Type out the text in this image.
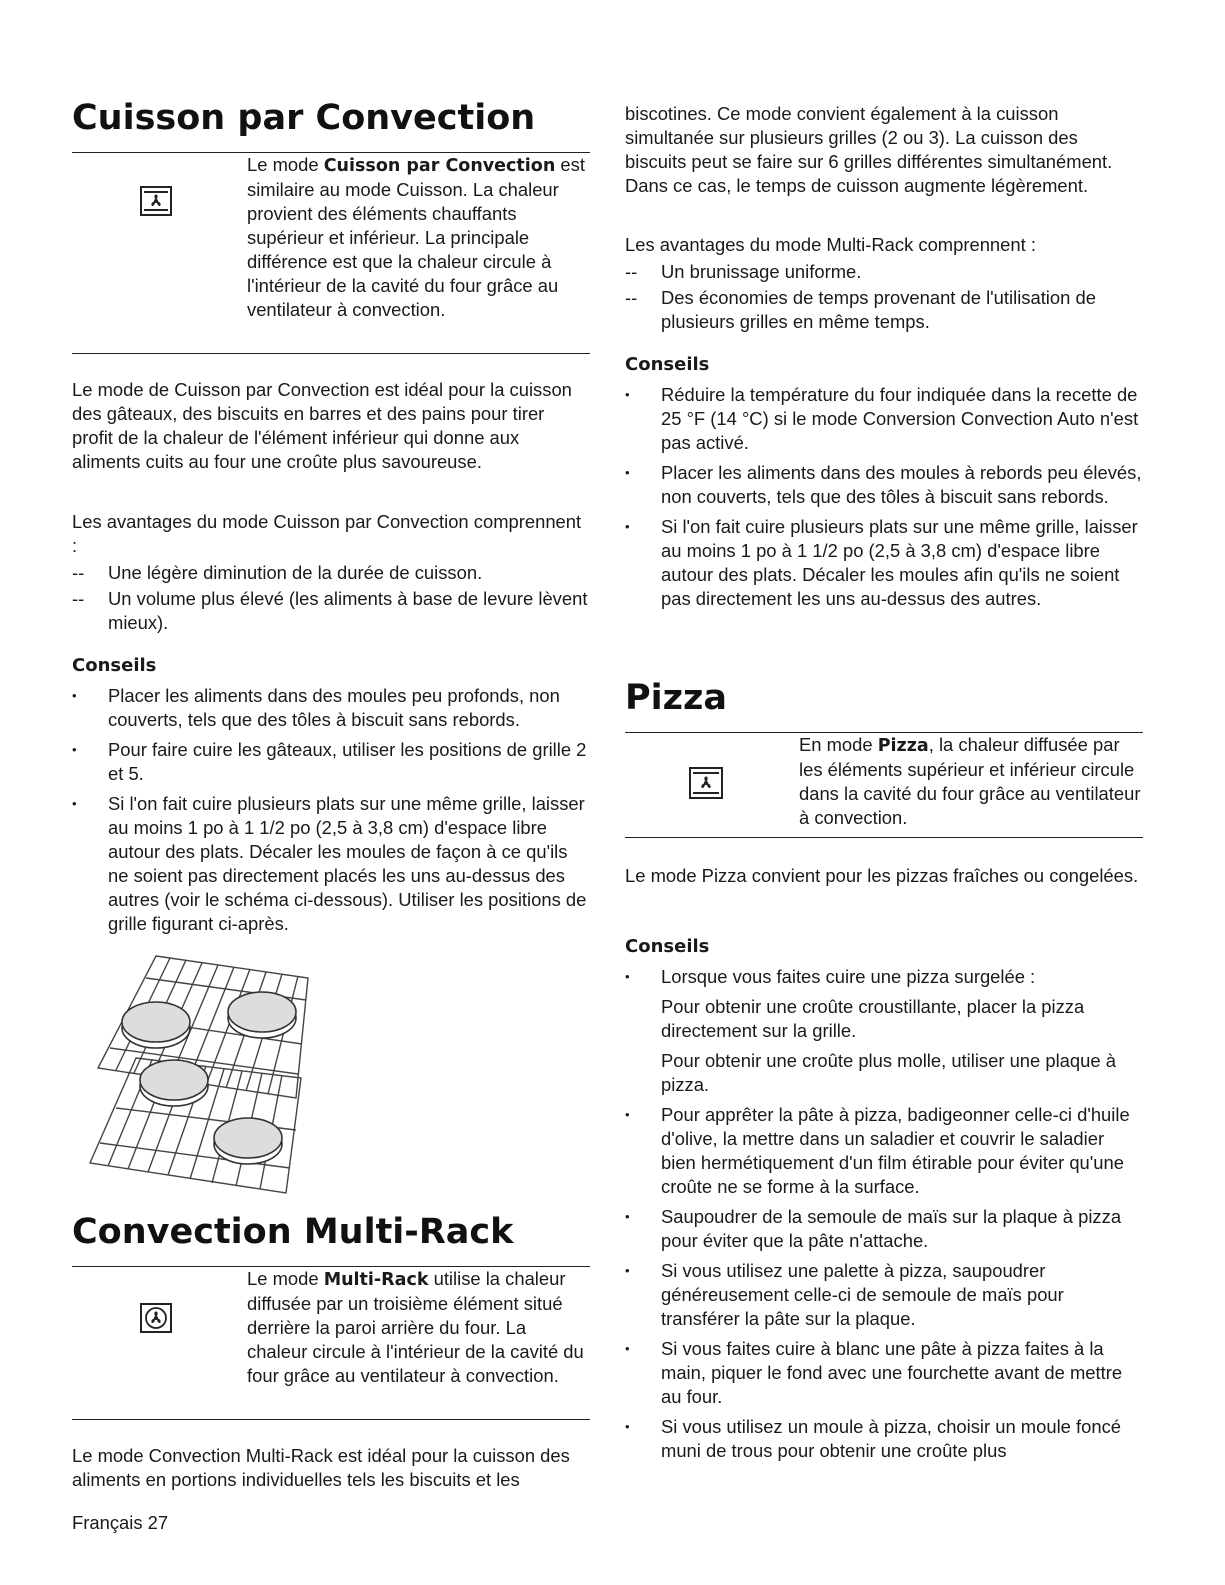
Cuisson par Convection
Le mode Cuisson par Convection est similaire au mode Cuisson. La chaleur provient des éléments chauffants supérieur et inférieur. La principale différence est que la chaleur circule à l'intérieur de la cavité du four grâce au ventilateur à convection.

Le mode de Cuisson par Convection est idéal pour la cuisson des gâteaux, des biscuits en barres et des pains pour tirer profit de la chaleur de l'élément inférieur qui donne aux aliments cuits au four une croûte plus savoureuse.

Les avantages du mode Cuisson par Convection comprennent :

-- Une légère diminution de la durée de cuisson.
-- Un volume plus élevé (les aliments à base de levure lèvent mieux).
Conseils
• Placer les aliments dans des moules peu profonds, non couverts, tels que des tôles à biscuit sans rebords.
• Pour faire cuire les gâteaux, utiliser les positions de grille 2 et 5.
• Si l'on fait cuire plusieurs plats sur une même grille, laisser au moins 1 po à 1 1/2 po (2,5 à 3,8 cm) d'espace libre autour des plats. Décaler les moules de façon à ce qu'ils ne soient pas directement placés les uns au-dessus des autres (voir le schéma ci-dessous). Utiliser les positions de grille figurant ci-après.
Convection Multi-Rack
Le mode Multi-Rack utilise la chaleur diffusée par un troisième élément situé derrière la paroi arrière du four. La chaleur circule à l'intérieur de la cavité du four grâce au ventilateur à convection.

Le mode Convection Multi-Rack est idéal pour la cuisson des aliments en portions individuelles tels les biscuits et les

biscotines. Ce mode convient également à la cuisson simultanée sur plusieurs grilles (2 ou 3). La cuisson des biscuits peut se faire sur 6 grilles différentes simultanément. Dans ce cas, le temps de cuisson augmente légèrement.

Les avantages du mode Multi-Rack comprennent :

-- Un brunissage uniforme.
-- Des économies de temps provenant de l'utilisation de plusieurs grilles en même temps.
Conseils
• Réduire la température du four indiquée dans la recette de 25 °F (14 °C) si le mode Conversion Convection Auto n'est pas activé.
• Placer les aliments dans des moules à rebords peu élevés, non couverts, tels que des tôles à biscuit sans rebords.
• Si l'on fait cuire plusieurs plats sur une même grille, laisser au moins 1 po à 1 1/2 po (2,5 à 3,8 cm) d'espace libre autour des plats. Décaler les moules afin qu'ils ne soient pas directement les uns au-dessus des autres.
Pizza
En mode Pizza, la chaleur diffusée par les éléments supérieur et inférieur circule dans la cavité du four grâce au ventilateur à convection.

Le mode Pizza convient pour les pizzas fraîches ou congelées.

Conseils
• Lorsque vous faites cuire une pizza surgelée :

Pour obtenir une croûte croustillante, placer la pizza directement sur la grille.

Pour obtenir une croûte plus molle, utiliser une plaque à pizza.

• Pour apprêter la pâte à pizza, badigeonner celle-ci d'huile d'olive, la mettre dans un saladier et couvrir le saladier bien hermétiquement d'un film étirable pour éviter qu'une croûte ne se forme à la surface.
• Saupoudrer de la semoule de maïs sur la plaque à pizza pour éviter que la pâte n'attache.
• Si vous utilisez une palette à pizza, saupoudrer généreusement celle-ci de semoule de maïs pour transférer la pâte sur la plaque.
• Si vous faites cuire à blanc une pâte à pizza faites à la main, piquer le fond avec une fourchette avant de mettre au four.
• Si vous utilisez un moule à pizza, choisir un moule foncé muni de trous pour obtenir une croûte plus
Français 27
